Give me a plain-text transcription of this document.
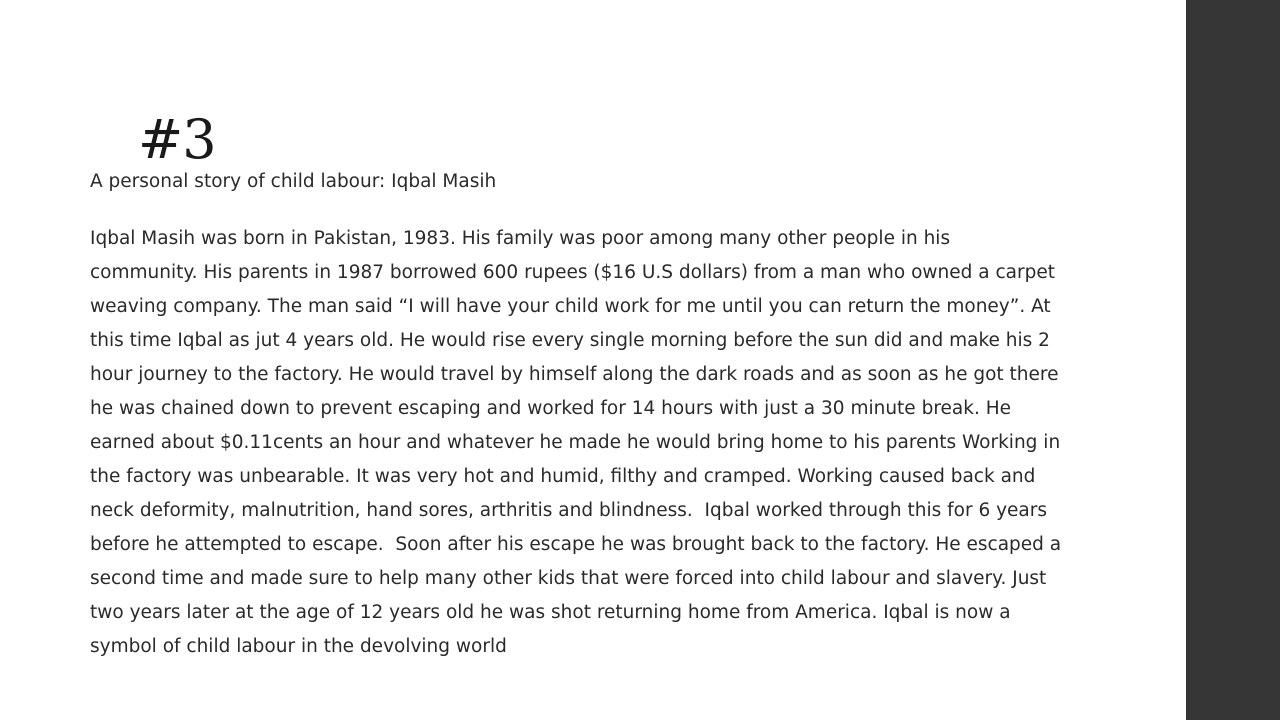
#3

A personal story of child labour: Iqbal Masih

Iqbal Masih was born in Pakistan, 1983. His family was poor among many other people in his
community. His parents in 1987 borrowed 600 rupees ($16 U.S dollars) from a man who owned a carpet
weaving company. The man said “I will have your child work for me until you can return the money”. At
this time Iqbal as jut 4 years old. He would rise every single morning before the sun did and make his 2
hour journey to the factory. He would travel by himself along the dark roads and as soon as he got there
he was chained down to prevent escaping and worked for 14 hours with just a 30 minute break. He
earned about $0.11cents an hour and whatever he made he would bring home to his parents Working in
the factory was unbearable. It was very hot and humid, filthy and cramped. Working caused back and
neck deformity, malnutrition, hand sores, arthritis and blindness.  Iqbal worked through this for 6 years
before he attempted to escape.  Soon after his escape he was brought back to the factory. He escaped a
second time and made sure to help many other kids that were forced into child labour and slavery. Just
two years later at the age of 12 years old he was shot returning home from America. Iqbal is now a
symbol of child labour in the devolving world
